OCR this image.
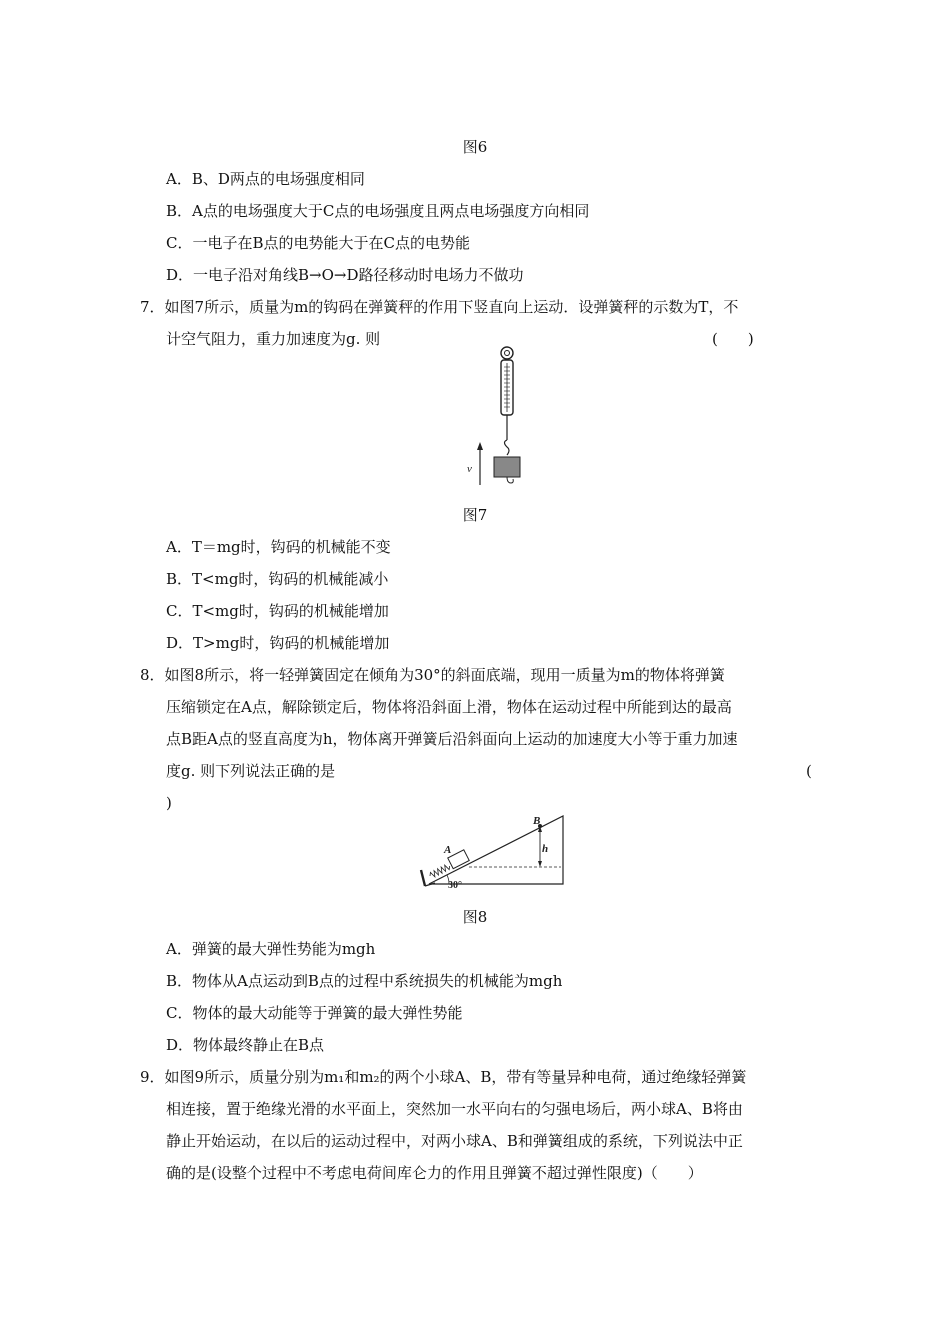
图6
A．B、D两点的电场强度相同
B．A点的电场强度大于C点的电场强度且两点电场强度方向相同
C．一电子在B点的电势能大于在C点的电势能
D．一电子沿对角线B→O→D路径移动时电场力不做功
7．如图7所示，质量为m的钩码在弹簧秤的作用下竖直向上运动．设弹簧秤的示数为T，不
计空气阻力，重力加速度为g. 则	(　　)
v
图7
A．T＝mg时，钩码的机械能不变
B．T<mg时，钩码的机械能减小
C．T<mg时，钩码的机械能增加
D．T>mg时，钩码的机械能增加
8．如图8所示，将一轻弹簧固定在倾角为30°的斜面底端，现用一质量为m的物体将弹簧
压缩锁定在A点，解除锁定后，物体将沿斜面上滑，物体在运动过程中所能到达的最高
点B距A点的竖直高度为h，物体离开弹簧后沿斜面向上运动的加速度大小等于重力加速
度g. 则下列说法正确的是	(
)
A
B
h
30°
图8
A．弹簧的最大弹性势能为mgh
B．物体从A点运动到B点的过程中系统损失的机械能为mgh
C．物体的最大动能等于弹簧的最大弹性势能
D．物体最终静止在B点
9．如图9所示，质量分别为m₁和m₂的两个小球A、B，带有等量异种电荷，通过绝缘轻弹簧
相连接，置于绝缘光滑的水平面上，突然加一水平向右的匀强电场后，两小球A、B将由
静止开始运动，在以后的运动过程中，对两小球A、B和弹簧组成的系统，下列说法中正
确的是(设整个过程中不考虑电荷间库仑力的作用且弹簧不超过弹性限度)（　　）
